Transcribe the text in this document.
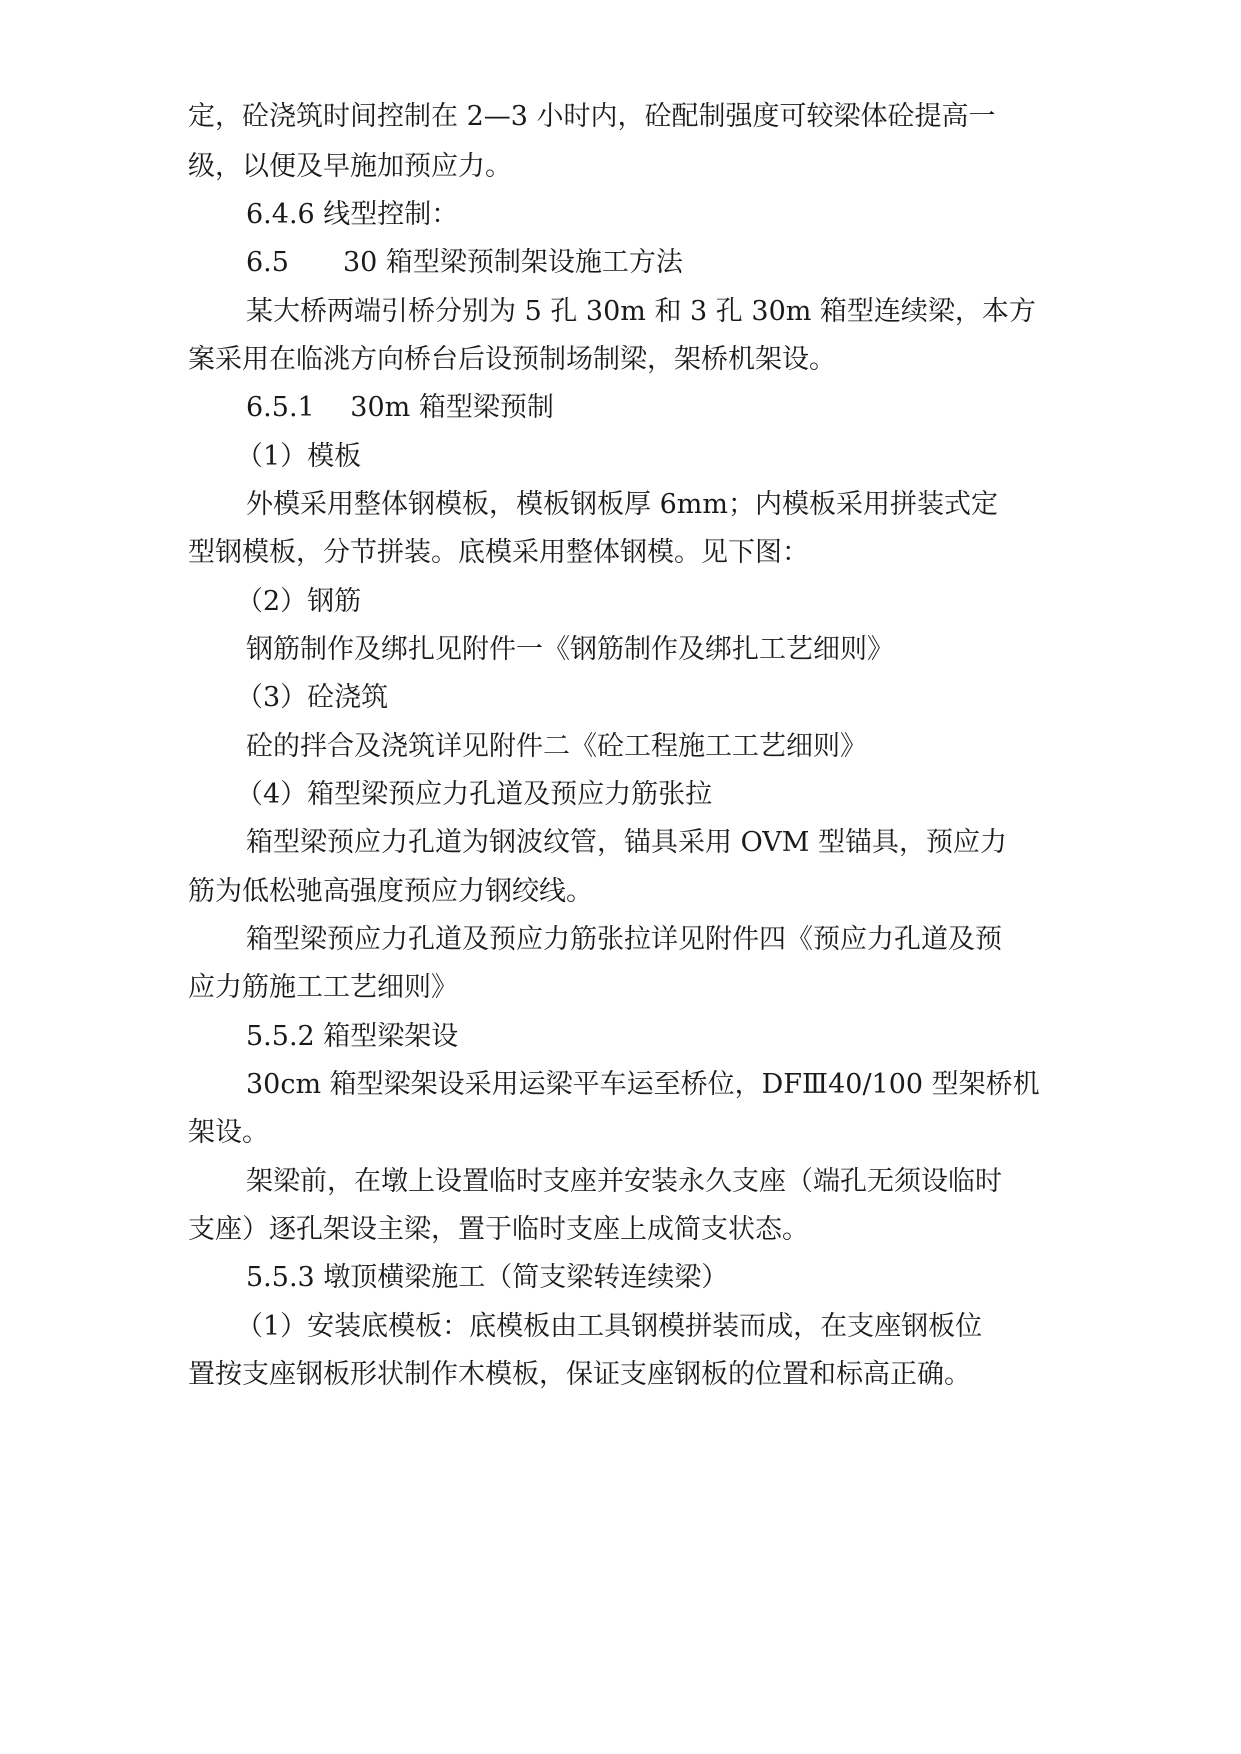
定，砼浇筑时间控制在 2—3 小时内，砼配制强度可较梁体砼提高一
级，以便及早施加预应力。
6.4.6 线型控制：
6.5　　30 箱型梁预制架设施工方法
某大桥两端引桥分别为 5 孔 30m 和 3 孔 30m 箱型连续梁，本方
案采用在临洮方向桥台后设预制场制梁，架桥机架设。
6.5.1　 30m 箱型梁预制
（1）模板
外模采用整体钢模板，模板钢板厚 6mm；内模板采用拼装式定
型钢模板，分节拼装。底模采用整体钢模。见下图：
（2）钢筋
钢筋制作及绑扎见附件一《钢筋制作及绑扎工艺细则》
（3）砼浇筑
砼的拌合及浇筑详见附件二《砼工程施工工艺细则》
（4）箱型梁预应力孔道及预应力筋张拉
箱型梁预应力孔道为钢波纹管，锚具采用 OVM 型锚具，预应力
筋为低松驰高强度预应力钢绞线。
箱型梁预应力孔道及预应力筋张拉详见附件四《预应力孔道及预
应力筋施工工艺细则》
5.5.2 箱型梁架设
30cm 箱型梁架设采用运梁平车运至桥位，DFⅢ40/100 型架桥机
架设。
架梁前，在墩上设置临时支座并安装永久支座（端孔无须设临时
支座）逐孔架设主梁，置于临时支座上成简支状态。
5.5.3 墩顶横梁施工（简支梁转连续梁）
（1）安装底模板：底模板由工具钢模拼装而成，在支座钢板位
置按支座钢板形状制作木模板，保证支座钢板的位置和标高正确。
